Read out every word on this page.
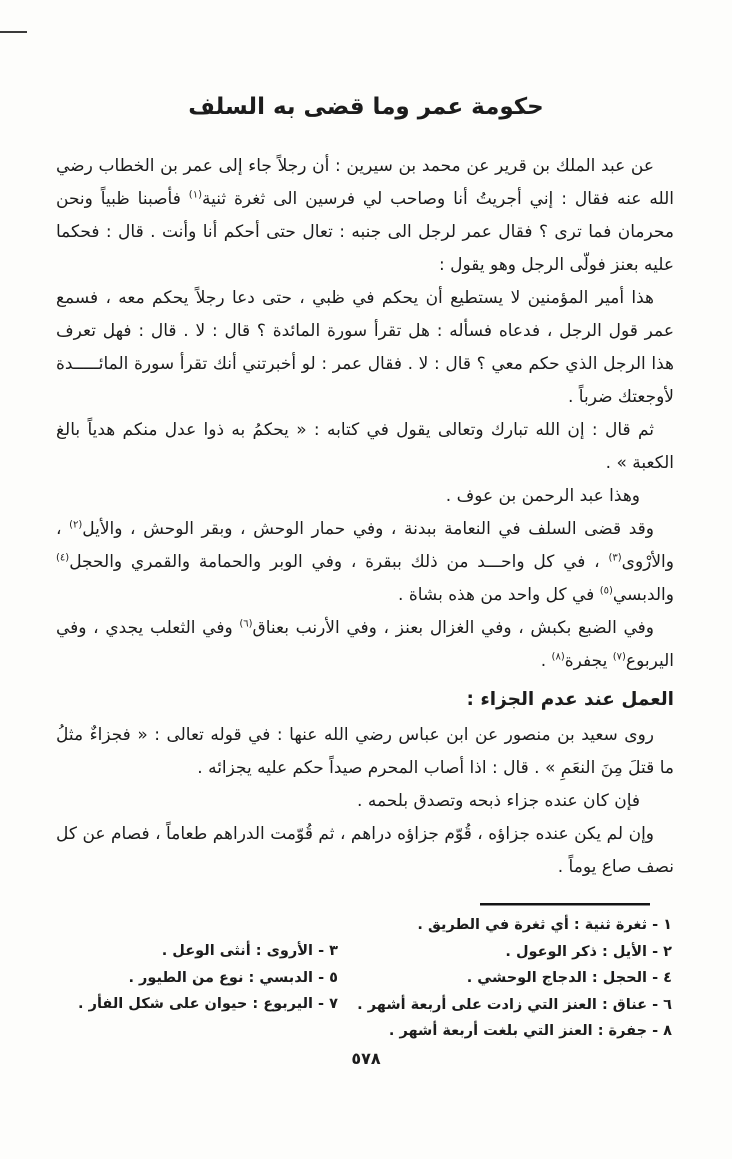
حكومة عمر وما قضى به السلف
عن عبد الملك بن قرير عن محمد بن سيرين : أن رجلاً جاء إلى عمر بن الخطاب رضي الله عنه فقال : إني أجريتُ أنا وصاحب لي فرسين الى ثغرة ثنية$^{(١)}$ فأصبنا ظبياً ونحن محرمان فما ترى ؟ فقال عمر لرجل الى جنبه : تعال حتى أحكم أنا وأنت . قال : فحكما عليه بعنز فولّى الرجل وهو يقول :
هذا أمير المؤمنين لا يستطيع أن يحكم في ظبي ، حتى دعا رجلاً يحكم معه ، فسمع عمر قول الرجل ، فدعاه فسأله : هل تقرأ سورة المائدة ؟ قال : لا . قال : فهل تعرف هذا الرجل الذي حكم معي ؟ قال : لا . فقال عمر : لو أخبرتني أنك تقرأ سورة المائـــــدة لأوجعتك ضرباً .
ثم قال : إن الله تبارك وتعالى يقول في كتابه : « يحكمُ به ذوا عدل منكم هدياً بالغ الكعبة » .
وهذا عبد الرحمن بن عوف .
وقد قضى السلف في النعامة ببدنة ، وفي حمار الوحش ، وبقر الوحش ، والأيل$^{(٢)}$ ، والأرْوى$^{(٣)}$ ، في كل واحـــد من ذلك ببقرة ، وفي الوبر والحمامة والقمري والحجل$^{(٤)}$ والدبسي$^{(٥)}$ في كل واحد من هذه بشاة .
وفي الضبع بكبش ، وفي الغزال بعنز ، وفي الأرنب بعناق$^{(٦)}$ وفي الثعلب يجدي ، وفي اليربوع$^{(٧)}$ يجفرة$^{(٨)}$ .
العمل عند عدم الجزاء :
روى سعيد بن منصور عن ابن عباس رضي الله عنها : في قوله تعالى : « فجزاءٌ مثلُ ما قتلَ مِنَ النعَمِ » . قال : اذا أصاب المحرم صيداً حكم عليه يجزائه .
فإن كان عنده جزاء ذبحه وتصدق بلحمه .
وإن لم يكن عنده جزاؤه ، قُوّم جزاؤه دراهم ، ثم قُوّمت الدراهم طعاماً ، فصام عن كل نصف صاع يوماً .
١ - ثغرة ثنية : أي ثغرة في الطريق .
٢ - الأيل : ذكر الوعول .
٤ - الحجل : الدجاج الوحشي .
٦ - عناق : العنز التي زادت على أربعة أشهر .
٨ - جفرة : العنز التي بلغت أربعة أشهر .
٣ - الأروى : أنثى الوعل .
٥ - الدبسي : نوع من الطيور .
٧ - اليربوع : حيوان على شكل الفأر .
٥٧٨
